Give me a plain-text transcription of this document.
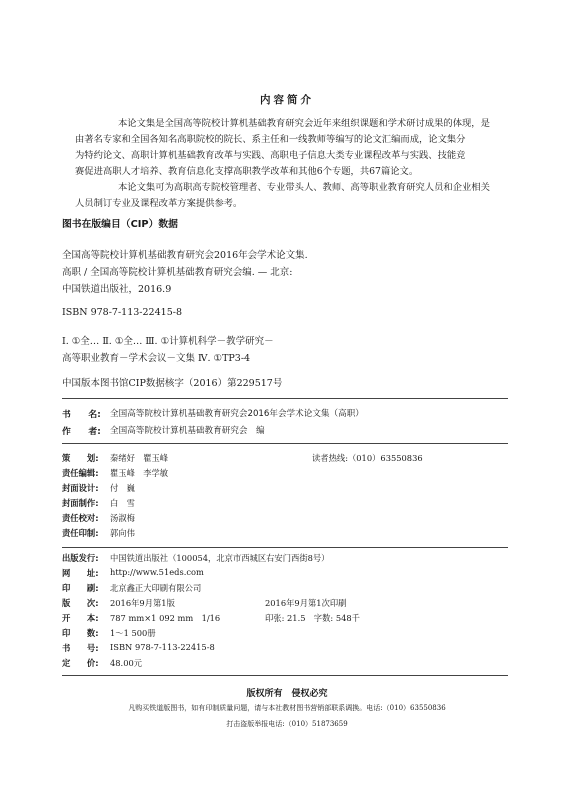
内容简介
本论文集是全国高等院校计算机基础教育研究会近年来组织课题和学术研讨成果的体现，是
由著名专家和全国各知名高职院校的院长、系主任和一线教师等编写的论文汇编而成，论文集分
为特约论文、高职计算机基础教育改革与实践、高职电子信息大类专业课程改革与实践、技能竞
赛促进高职人才培养、教育信息化支撑高职教学改革和其他6个专题，共67篇论文。
本论文集可为高职高专院校管理者、专业带头人、教师、高等职业教育研究人员和企业相关
人员制订专业及课程改革方案提供参考。
图书在版编目（CIP）数据
全国高等院校计算机基础教育研究会2016年会学术论文集.
高职 / 全国高等院校计算机基础教育研究会编. — 北京:
中国铁道出版社，2016.9
ISBN 978-7-113-22415-8
Ⅰ. ①全… Ⅱ. ①全… Ⅲ. ①计算机科学－教学研究－
高等职业教育－学术会议－文集 Ⅳ. ①TP3-4
中国版本图书馆CIP数据核字（2016）第229517号
书　　名: 全国高等院校计算机基础教育研究会2016年会学术论文集（高职）
作　　者: 全国高等院校计算机基础教育研究会　编
策　　划: 秦绪好　瞿玉峰	读者热线:（010）63550836
责任编辑: 瞿玉峰　李学敏
封面设计: 付　巍
封面制作: 白　雪
责任校对: 汤淑梅
责任印制: 郭向伟
出版发行: 中国铁道出版社（100054，北京市西城区右安门西街8号）
网　　址: http://www.51eds.com
印　　刷: 北京鑫正大印刷有限公司
版　　次: 2016年9月第1版	2016年9月第1次印刷
开　　本: 787 mm×1 092 mm　1/16	印张: 21.5　字数: 548千
印　　数: 1～1 500册
书　　号: ISBN 978-7-113-22415-8
定　　价: 48.00元
版权所有　侵权必究
凡购买铁道版图书，如有印制质量问题，请与本社教材图书营销部联系调换。电话:（010）63550836
打击盗版举报电话:（010）51873659
